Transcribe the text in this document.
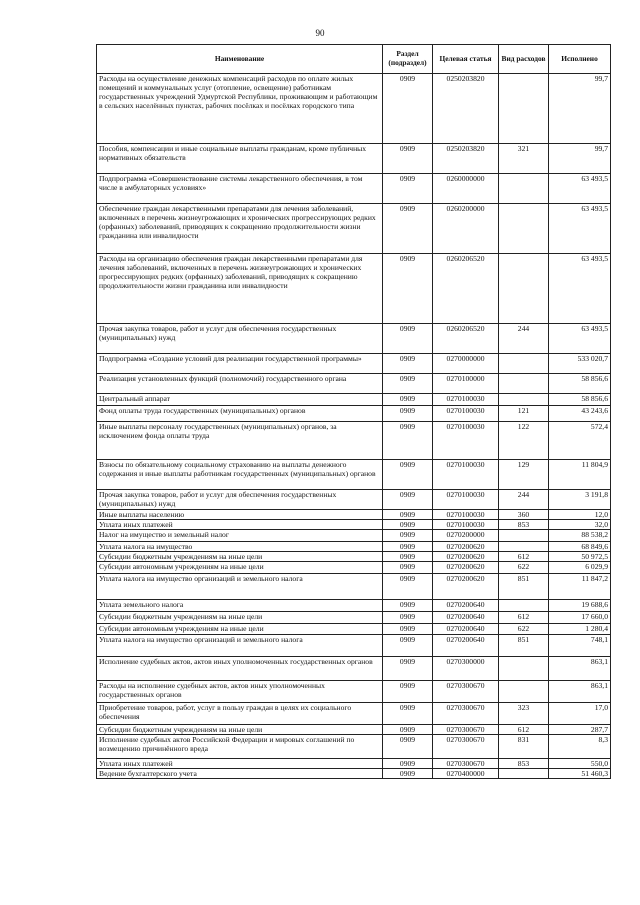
90
Наименование	Раздел (подраздел)	Целевая статья	Вид расходов	Исполнено
Расходы на осуществление денежных компенсаций расходов по оплате жилых помещений и коммунальных услуг (отопление, освещение) работникам государственных учреждений Удмуртской Республики, проживающим и работающим в сельских населённых пунктах, рабочих посёлках и посёлках городского типа	0909	0250203820		99,7
Пособия, компенсации и иные социальные выплаты гражданам, кроме публичных нормативных обязательств	0909	0250203820	321	99,7
Подпрограмма «Совершенствование системы лекарственного обеспечения, в том числе в амбулаторных условиях»	0909	0260000000		63 493,5
Обеспечение граждан лекарственными препаратами для лечения заболеваний, включенных в перечень жизнеугрожающих и хронических прогрессирующих редких (орфанных) заболеваний, приводящих к сокращению продолжительности жизни гражданина или инвалидности	0909	0260200000		63 493,5
Расходы на организацию обеспечения граждан лекарственными препаратами для лечения заболеваний, включенных в перечень жизнеугрожающих и хронических прогрессирующих редких (орфанных) заболеваний, приводящих к сокращению продолжительности жизни гражданина или инвалидности	0909	0260206520		63 493,5
Прочая закупка товаров, работ и услуг для обеспечения государственных (муниципальных) нужд	0909	0260206520	244	63 493,5
Подпрограмма «Создание условий для реализации государственной программы»	0909	0270000000		533 020,7
Реализация установленных функций (полномочий) государственного органа	0909	0270100000		58 856,6
Центральный аппарат	0909	0270100030		58 856,6
Фонд оплаты труда государственных (муниципальных) органов	0909	0270100030	121	43 243,6
Иные выплаты персоналу государственных (муниципальных) органов, за исключением фонда оплаты труда	0909	0270100030	122	572,4
Взносы по обязательному социальному страхованию на выплаты денежного содержания и иные выплаты работникам государственных (муниципальных) органов	0909	0270100030	129	11 804,9
Прочая закупка товаров, работ и услуг для обеспечения государственных (муниципальных) нужд	0909	0270100030	244	3 191,8
Иные выплаты населению	0909	0270100030	360	12,0
Уплата иных платежей	0909	0270100030	853	32,0
Налог на имущество и земельный налог	0909	0270200000		88 538,2
Уплата налога на имущество	0909	0270200620		68 849,6
Субсидии бюджетным учреждениям на иные цели	0909	0270200620	612	50 972,5
Субсидии автономным учреждениям на иные цели	0909	0270200620	622	6 029,9
Уплата налога на имущество организаций и земельного налога	0909	0270200620	851	11 847,2
Уплата земельного налога	0909	0270200640		19 688,6
Субсидии бюджетным учреждениям на иные цели	0909	0270200640	612	17 660,0
Субсидии автономным учреждениям на иные цели	0909	0270200640	622	1 280,4
Уплата налога на имущество организаций и земельного налога	0909	0270200640	851	748,1
Исполнение судебных актов, актов иных уполномоченных государственных органов	0909	0270300000		863,1
Расходы на исполнение судебных актов, актов иных уполномоченных государственных органов	0909	0270300670		863,1
Приобретение товаров, работ, услуг в пользу граждан в целях их социального обеспечения	0909	0270300670	323	17,0
Субсидии бюджетным учреждениям на иные цели	0909	0270300670	612	287,7
Исполнение судебных актов Российской Федерации и мировых соглашений по возмещению причинённого вреда	0909	0270300670	831	8,3
Уплата иных платежей	0909	0270300670	853	550,0
Ведение бухгалтерского учета	0909	0270400000		51 460,3
